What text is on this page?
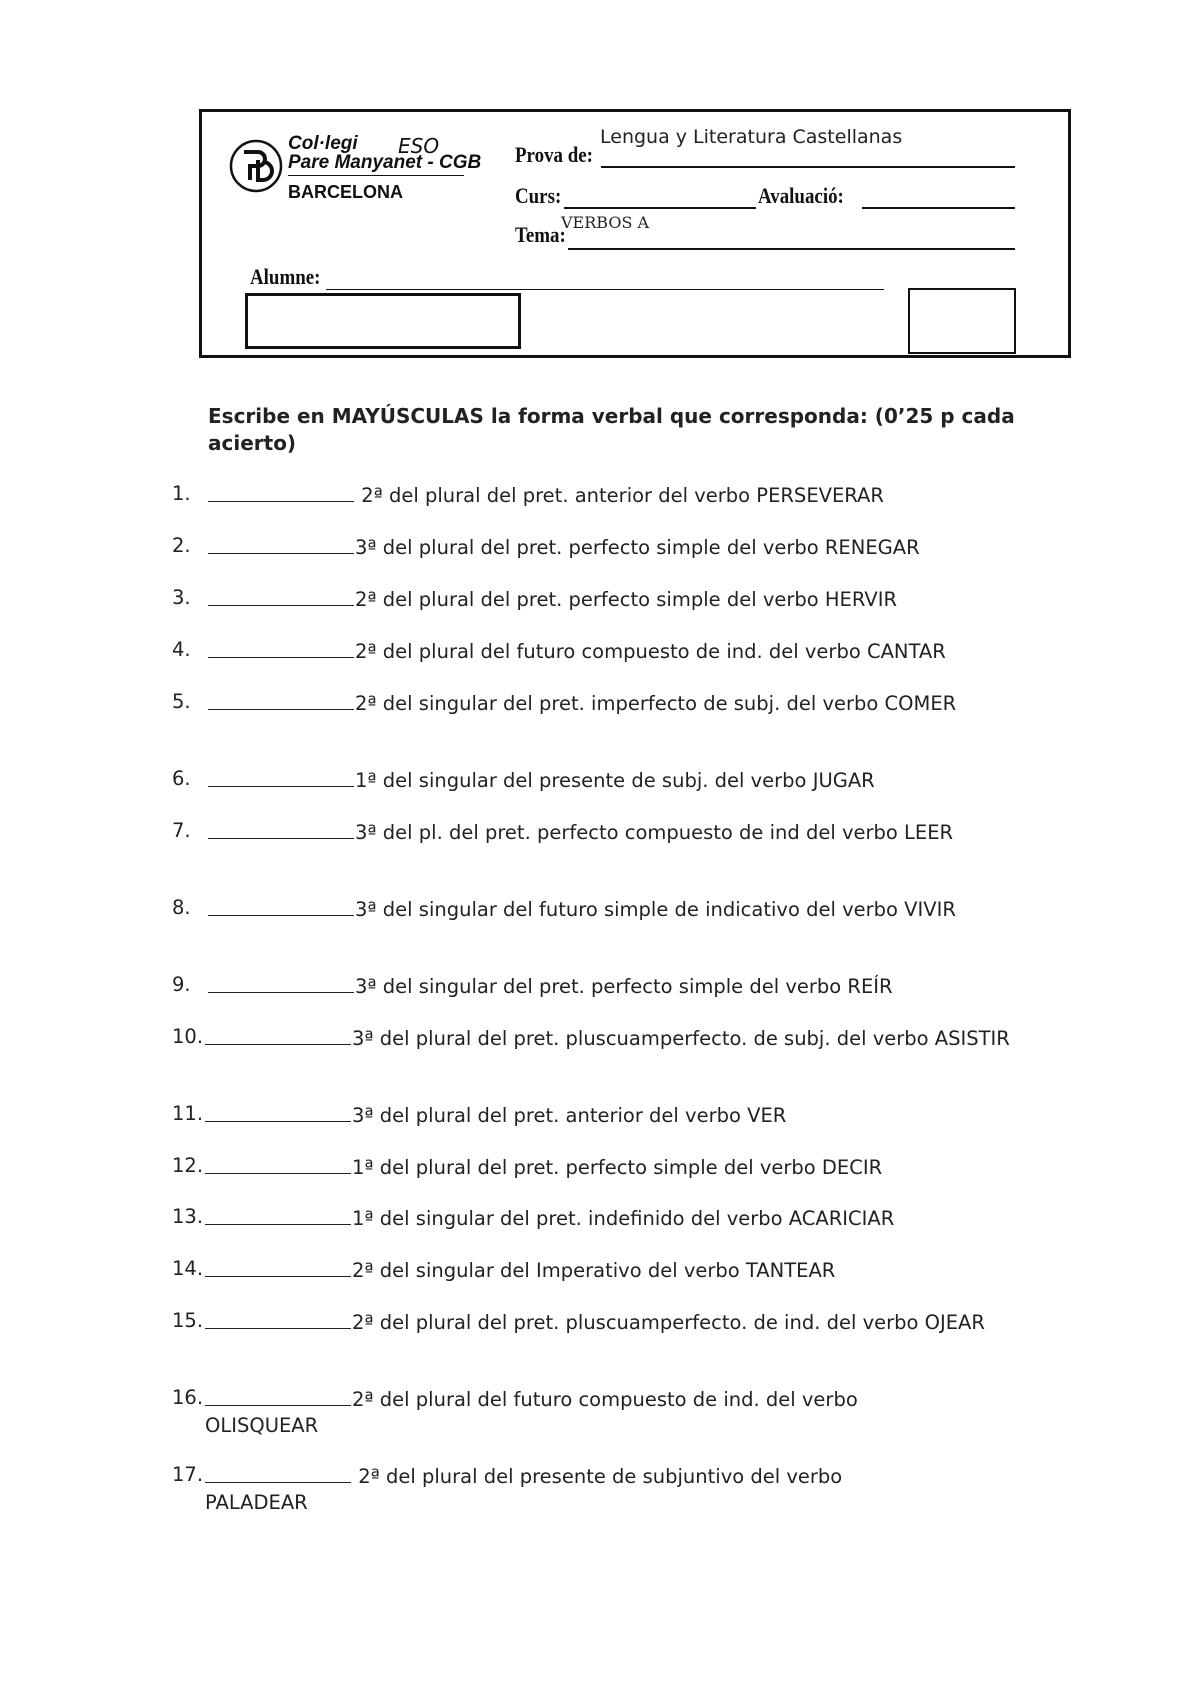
Col·legi
Pare Manyanet - CGB
BARCELONA
ESO	Prova de:
Lengua y Literatura Castellanas
Curs:	Avaluació:
Tema:
VERBOS A
Alumne:
Escribe en MAYÚSCULAS la forma verbal que corresponda: (0’25 p cada acierto)
1.	2ª del plural del pret. anterior del verbo PERSEVERAR
2.	3ª del plural del pret. perfecto simple del verbo RENEGAR
3.	2ª del plural del pret. perfecto simple del verbo HERVIR
4.	2ª del plural del futuro compuesto de ind. del verbo CANTAR
5.	2ª del singular del pret. imperfecto de subj. del verbo COMER
6.	1ª del singular del presente de subj. del verbo JUGAR
7.	3ª del pl. del pret. perfecto compuesto de ind del verbo LEER
8.	3ª del singular del futuro simple de indicativo del verbo VIVIR
9.	3ª del singular del pret. perfecto simple del verbo REÍR
10.	3ª del plural del pret. pluscuamperfecto. de subj. del verbo ASISTIR
11.	3ª del plural del pret. anterior del verbo VER
12.	1ª del plural del pret. perfecto simple del verbo DECIR
13.	1ª del singular del pret. indefinido del verbo ACARICIAR
14.	2ª del singular del Imperativo del verbo TANTEAR
15.	2ª del plural del pret. pluscuamperfecto. de ind. del verbo OJEAR
16.	2ª del plural del futuro compuesto de ind. del verbo OLISQUEAR
17.	2ª del plural del presente de subjuntivo del verbo PALADEAR
